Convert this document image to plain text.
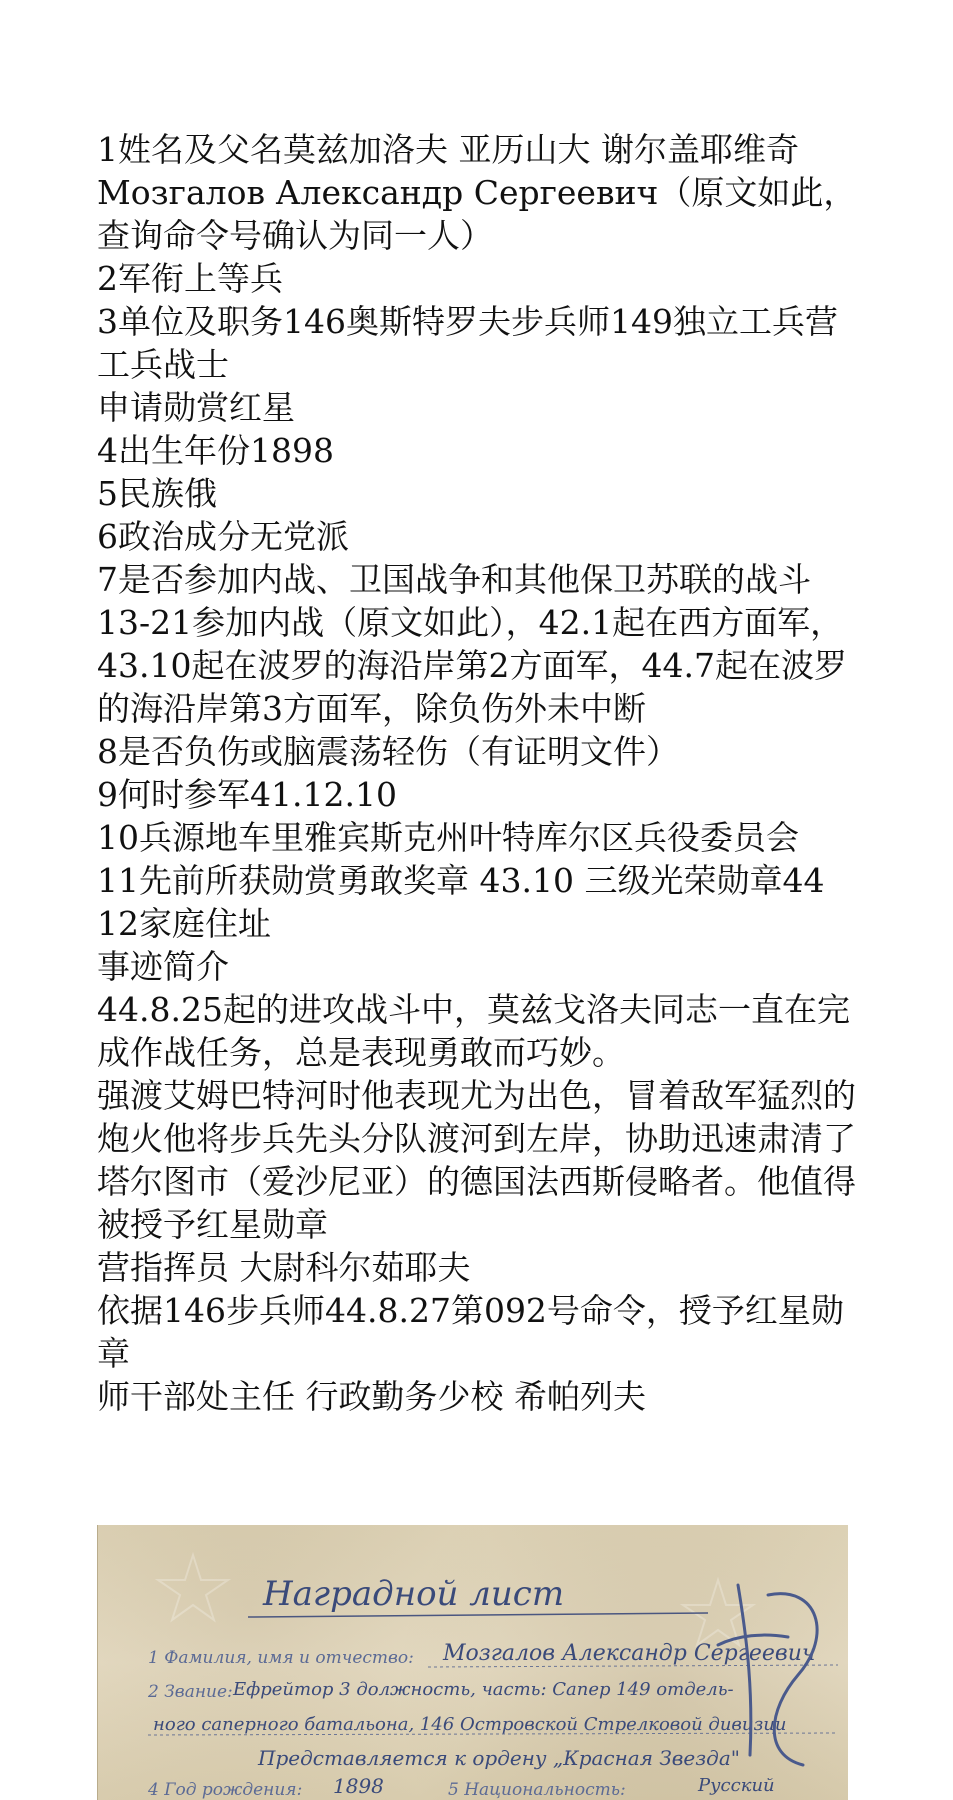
1姓名及父名莫兹加洛夫 亚历山大 谢尔盖耶维奇

Мозгалов Александр Сергеевич（原文如此，查询命令号确认为同一人）

2军衔上等兵

3单位及职务146奥斯特罗夫步兵师149独立工兵营工兵战士

申请勋赏红星

4出生年份1898

5民族俄

6政治成分无党派

7是否参加内战、卫国战争和其他保卫苏联的战斗13-21参加内战（原文如此），42.1起在西方面军，43.10起在波罗的海沿岸第2方面军，44.7起在波罗的海沿岸第3方面军，除负伤外未中断

8是否负伤或脑震荡轻伤（有证明文件）

9何时参军41.12.10

10兵源地车里雅宾斯克州叶特库尔区兵役委员会

11先前所获勋赏勇敢奖章 43.10 三级光荣勋章44

12家庭住址

事迹简介

44.8.25起的进攻战斗中，莫兹戈洛夫同志一直在完成作战任务，总是表现勇敢而巧妙。

强渡艾姆巴特河时他表现尤为出色，冒着敌军猛烈的炮火他将步兵先头分队渡河到左岸，协助迅速肃清了塔尔图市（爱沙尼亚）的德国法西斯侵略者。他值得被授予红星勋章

营指挥员 大尉科尔茹耶夫

依据146步兵师44.8.27第092号命令，授予红星勋章

师干部处主任 行政勤务少校 希帕列夫

Наградной лист
1 Фамилия, имя и отчество: Мозгалов Александр Сергеевич
2 Звание: Ефрейтор 3 должность, часть: Сапер 149 отдель-
ного саперного батальона, 146 Островской Стрелковой дивизии
Представляется к ордену „Красная Звезда"
4 Год рождения: 1898	5 Национальность:	Русский
